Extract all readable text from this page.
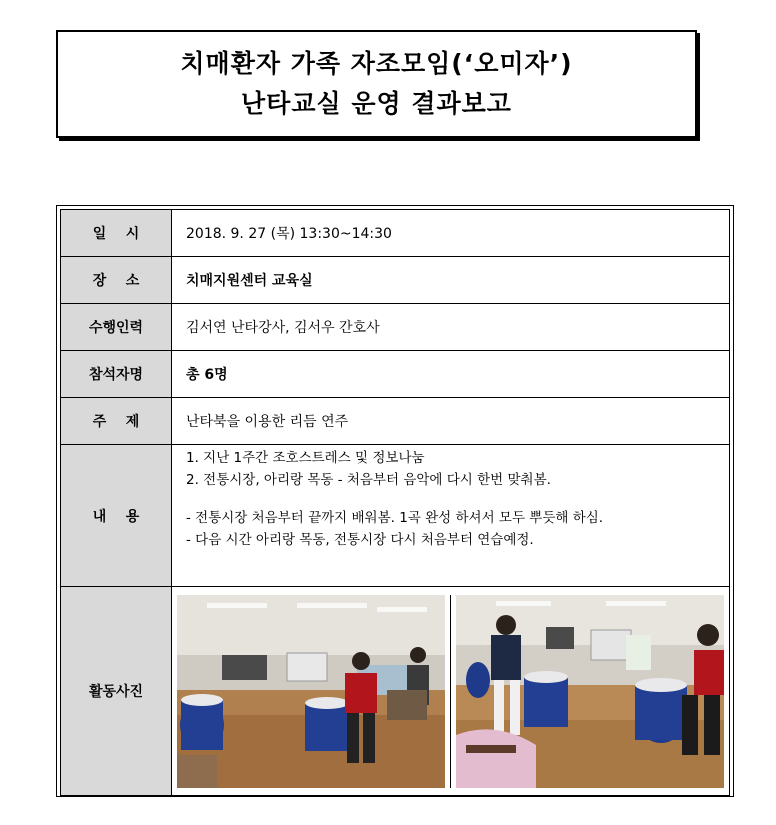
치매환자 가족 자조모임(‘오미자’)
난타교실 운영 결과보고
일    시	2018. 9. 27 (목) 13:30~14:30
장    소	치매지원센터 교육실
수행인력	김서연 난타강사, 김서우 간호사
참석자명	총 6명
주    제	난타북을 이용한 리듬 연주
내    용	1. 지난 1주간 조호스트레스 및 정보나눔
2. 전통시장, 아리랑 목동 - 처음부터 음악에 다시 한번 맞춰봄.
- 전통시장 처음부터 끝까지 배워봄. 1곡 완성 하셔서 모두 뿌듯해 하심.
- 다음 시간 아리랑 목동, 전통시장 다시 처음부터 연습예정.

활동사진	
